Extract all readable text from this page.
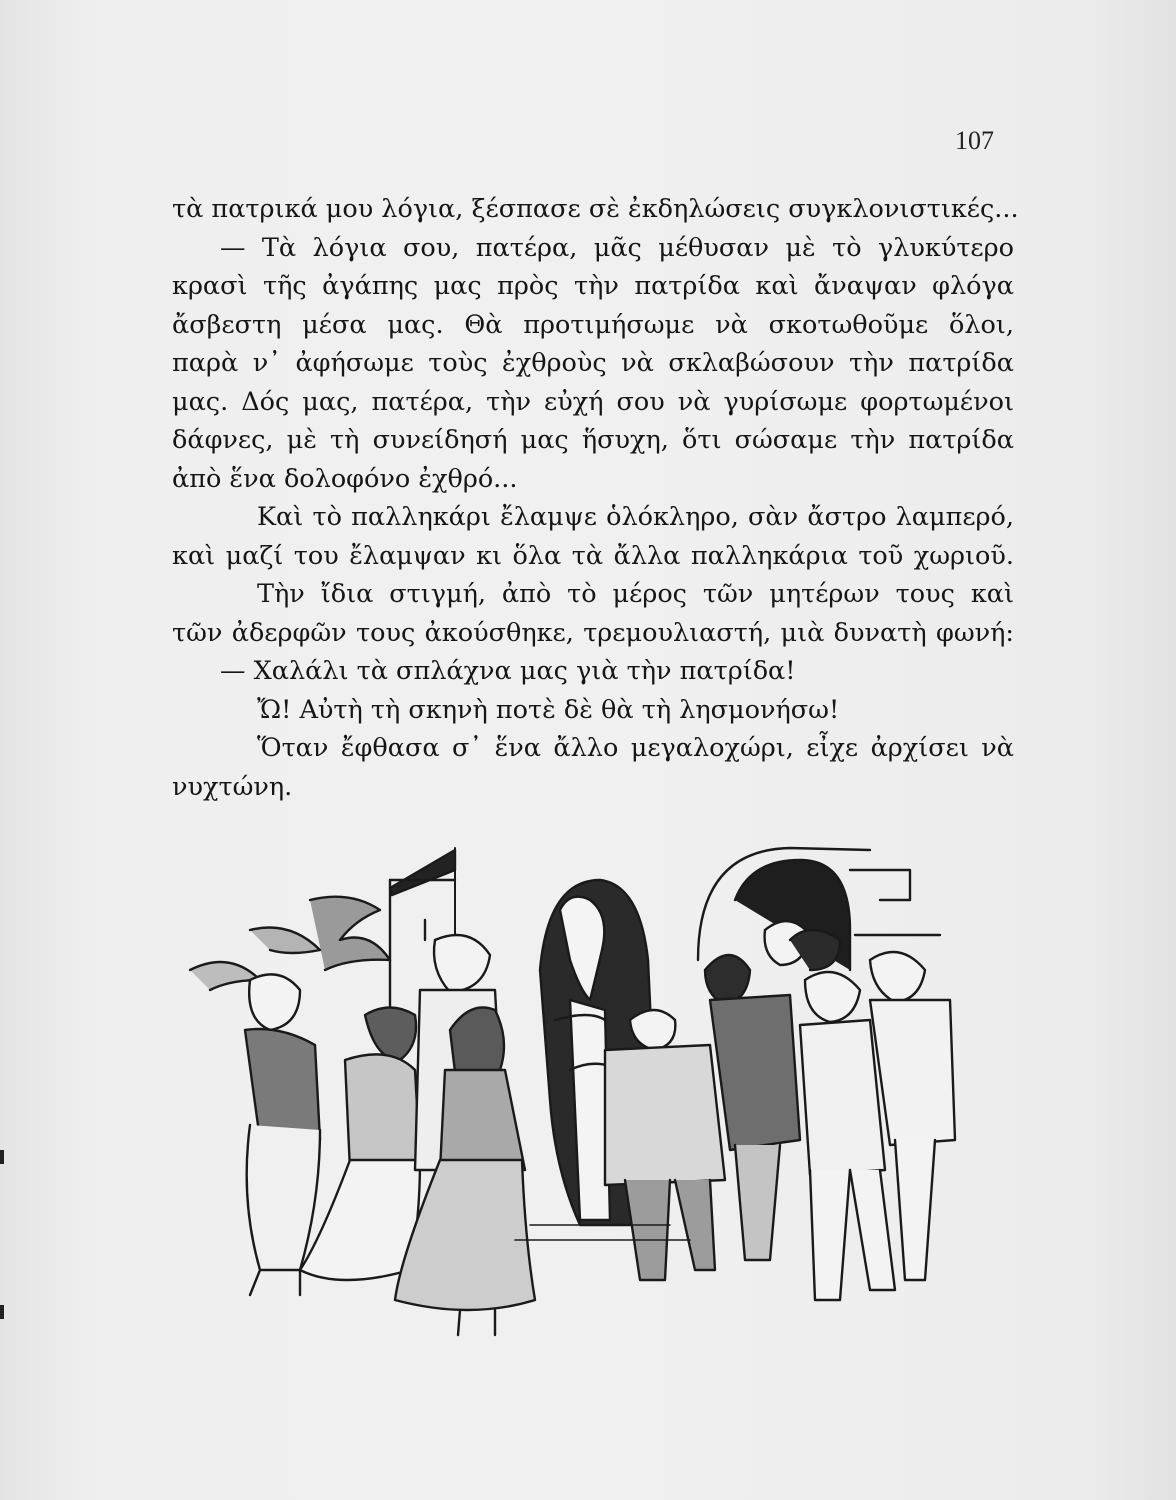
107
τὰ πατρικά μου λόγια, ξέσπασε σὲ ἐκδηλώσεις συγκλονιστικές...
— Τὰ λόγια σου, πατέρα, μᾶς μέθυσαν μὲ τὸ γλυκύτερο
κρασὶ τῆς ἀγάπης μας πρὸς τὴν πατρίδα καὶ ἄναψαν φλόγα
ἄσβεστη μέσα μας. Θὰ προτιμήσωμε νὰ σκοτωθοῦμε ὅλοι,
παρὰ ν᾽ ἀφήσωμε τοὺς ἐχθροὺς νὰ σκλαβώσουν τὴν πατρίδα
μας. Δός μας, πατέρα, τὴν εὐχή σου νὰ γυρίσωμε φορτωμένοι
δάφνες, μὲ τὴ συνείδησή μας ἥσυχη, ὅτι σώσαμε τὴν πατρίδα
ἀπὸ ἕνα δολοφόνο ἐχθρό...
Καὶ τὸ παλληκάρι ἔλαμψε ὁλόκληρο, σὰν ἄστρο λαμπερό,
καὶ μαζί του ἔλαμψαν κι ὅλα τὰ ἄλλα παλληκάρια τοῦ χωριοῦ.
Τὴν ἴδια στιγμή, ἀπὸ τὸ μέρος τῶν μητέρων τους καὶ
τῶν ἀδερφῶν τους ἀκούσθηκε, τρεμουλιαστή, μιὰ δυνατὴ φωνή:
— Χαλάλι τὰ σπλάχνα μας γιὰ τὴν πατρίδα!
Ὤ! Αὐτὴ τὴ σκηνὴ ποτὲ δὲ θὰ τὴ λησμονήσω!
Ὅταν ἔφθασα σ᾽ ἕνα ἄλλο μεγαλοχώρι, εἶχε ἀρχίσει νὰ
νυχτώνη.
